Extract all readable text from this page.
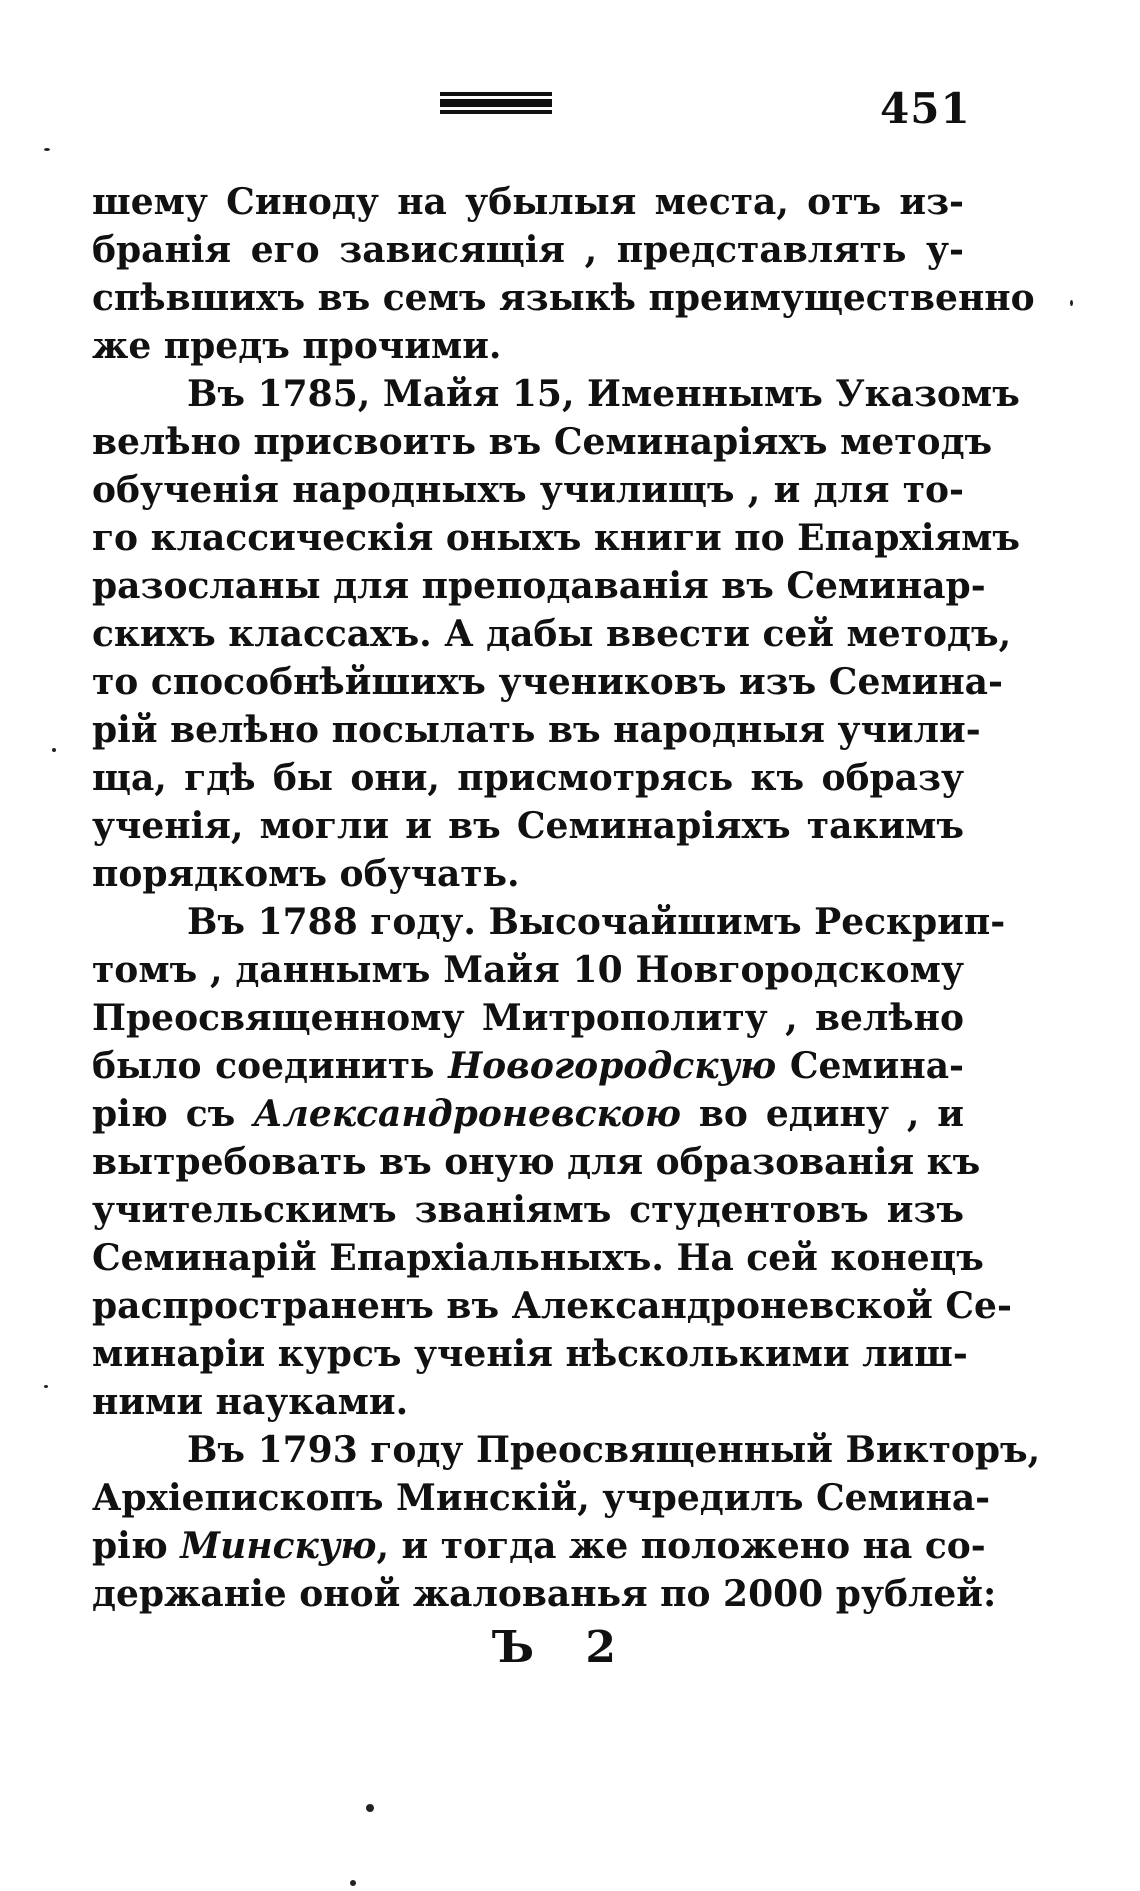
451
шему Синоду на убылыя места, отъ из-
бранія его зависящія , представлять у-
спѣвшихъ въ семъ языкѣ преимущественно
же предъ прочими.
Въ 1785, Майя 15, Именнымъ Указомъ
велѣно присвоить въ Семинаріяхъ методъ
обученія народныхъ училищъ , и для то-
го классическія оныхъ книги по Епархіямъ
разосланы для преподаванія въ Семинар-
скихъ классахъ. А дабы ввести сей методъ,
то способнѣйшихъ учениковъ изъ Семина-
рій велѣно посылать въ народныя учили-
ща, гдѣ бы они, присмотрясь къ образу
ученія, могли и въ Семинаріяхъ такимъ
порядкомъ обучать.
Въ 1788 году. Высочайшимъ Рескрип-
томъ , даннымъ Майя 10 Новгородскому
Преосвященному Митрополиту , велѣно
было соединить Новогородскую Семина-
рію съ Александроневскою во едину , и
вытребовать въ оную для образованія къ
учительскимъ званіямъ студентовъ изъ
Семинарій Епархіальныхъ. На сей конецъ
распространенъ въ Александроневской Се-
минаріи курсъ ученія нѣсколькими лиш-
ними науками.
Въ 1793 году Преосвященный Викторъ,
Архіепископъ Минскій, учредилъ Семина-
рію Минскую, и тогда же положено на со-
держаніе оной жалованья по 2000 рублей:
Ъ 2
